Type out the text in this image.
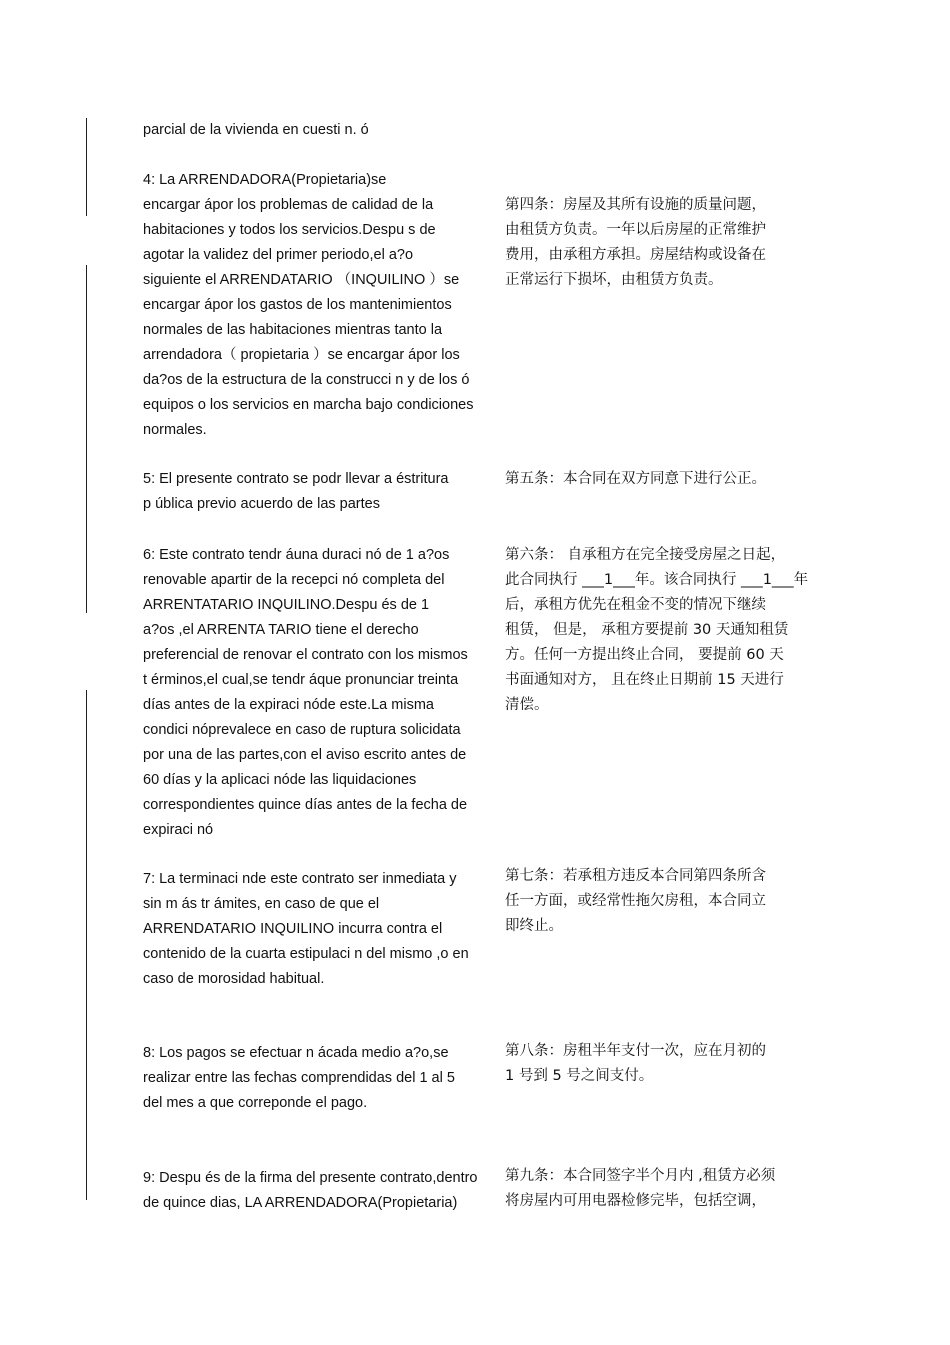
parcial de la vivienda en cuesti n. ó
4: La ARRENDADORA(Propietaria)se
encargar ápor los problemas de calidad de la
habitaciones y todos los servicios.Despu s de
agotar la validez del primer periodo,el a?o
siguiente el ARRENDATARIO （INQUILINO ）se
encargar ápor los gastos de los mantenimientos
normales de las habitaciones mientras tanto la
arrendadora（ propietaria ）se encargar ápor los
da?os de la estructura de la construcci n y de los ó
equipos o los servicios en marcha bajo condiciones
normales.
5: El presente contrato se podr llevar a éstritura
p ública previo acuerdo de las partes
6: Este contrato tendr áuna duraci nó de 1 a?os
renovable apartir de la recepci nó completa del
ARRENTATARIO INQUILINO.Despu és de 1
a?os ,el ARRENTA TARIO tiene el derecho
preferencial de renovar el contrato con los mismos
t érminos,el cual,se tendr áque pronunciar treinta
días antes de la expiraci nóde este.La misma
condici nóprevalece en caso de ruptura solicidata
por una de las partes,con el aviso escrito antes de
60 días y la aplicaci nóde las liquidaciones
correspondientes quince días antes de la fecha de
expiraci nó
7: La terminaci nde este contrato ser inmediata y
sin m ás tr ámites, en caso de que el
ARRENDATARIO INQUILINO incurra contra el
contenido de la cuarta estipulaci n del mismo ,o en
caso de morosidad habitual.
8: Los pagos se efectuar n ácada medio a?o,se
realizar entre las fechas comprendidas del 1 al 5
del mes a que correponde el pago.
9: Despu és de la firma del presente contrato,dentro
de quince dias, LA ARRENDADORA(Propietaria)
第四条：房屋及其所有设施的质量问题，
由租赁方负责。一年以后房屋的正常维护
费用，由承租方承担。房屋结构或设备在
正常运行下损坏，由租赁方负责。
第五条：本合同在双方同意下进行公正。
第六条： 自承租方在完全接受房屋之日起，
此合同执行 ___1___年。该合同执行 ___1___年
后，承租方优先在租金不变的情况下继续
租赁， 但是， 承租方要提前 30 天通知租赁
方。任何一方提出终止合同， 要提前 60 天
书面通知对方， 且在终止日期前 15 天进行
清偿。
第七条：若承租方违反本合同第四条所含
任一方面，或经常性拖欠房租，本合同立
即终止。
第八条：房租半年支付一次，应在月初的
1 号到 5 号之间支付。
第九条：本合同签字半个月内 ,租赁方必须
将房屋内可用电器检修完毕，包括空调，
